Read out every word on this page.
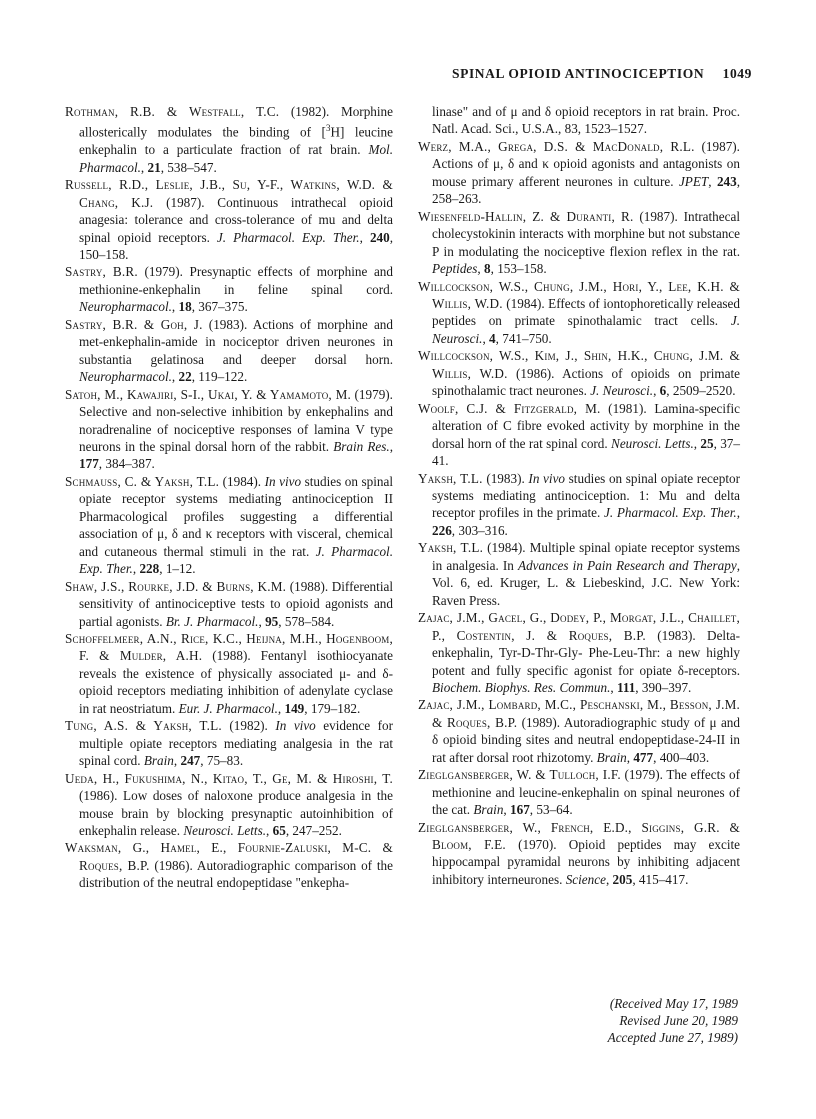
SPINAL OPIOID ANTINOCICEPTION 1049
Rothman, R.B. & Westfall, T.C. (1982). Morphine allosterically modulates the binding of [$^3$H] leucine enkephalin to a particulate fraction of rat brain. Mol. Pharmacol., 21, 538–547.
Russell, R.D., Leslie, J.B., Su, Y-F., Watkins, W.D. & Chang, K.J. (1987). Continuous intrathecal opioid anagesia: tolerance and cross-tolerance of mu and delta spinal opioid receptors. J. Pharmacol. Exp. Ther., 240, 150–158.
Sastry, B.R. (1979). Presynaptic effects of morphine and methionine-enkephalin in feline spinal cord. Neuropharmacol., 18, 367–375.
Sastry, B.R. & Goh, J. (1983). Actions of morphine and met-enkephalin-amide in nociceptor driven neurones in substantia gelatinosa and deeper dorsal horn. Neuropharmacol., 22, 119–122.
Satoh, M., Kawajiri, S-I., Ukai, Y. & Yamamoto, M. (1979). Selective and non-selective inhibition by enkephalins and noradrenaline of nociceptive responses of lamina V type neurons in the spinal dorsal horn of the rabbit. Brain Res., 177, 384–387.
Schmauss, C. & Yaksh, T.L. (1984). In vivo studies on spinal opiate receptor systems mediating antinociception II Pharmacological profiles suggesting a differential association of μ, δ and κ receptors with visceral, chemical and cutaneous thermal stimuli in the rat. J. Pharmacol. Exp. Ther., 228, 1–12.
Shaw, J.S., Rourke, J.D. & Burns, K.M. (1988). Differential sensitivity of antinociceptive tests to opioid agonists and partial agonists. Br. J. Pharmacol., 95, 578–584.
Schoffelmeer, A.N., Rice, K.C., Heijna, M.H., Hogenboom, F. & Mulder, A.H. (1988). Fentanyl isothiocyanate reveals the existence of physically associated μ- and δ-opioid receptors mediating inhibition of adenylate cyclase in rat neostriatum. Eur. J. Pharmacol., 149, 179–182.
Tung, A.S. & Yaksh, T.L. (1982). In vivo evidence for multiple opiate receptors mediating analgesia in the rat spinal cord. Brain, 247, 75–83.
Ueda, H., Fukushima, N., Kitao, T., Ge, M. & Hiroshi, T. (1986). Low doses of naloxone produce analgesia in the mouse brain by blocking presynaptic autoinhibition of enkephalin release. Neurosci. Letts., 65, 247–252.
Waksman, G., Hamel, E., Fournie-Zaluski, M-C. & Roques, B.P. (1986). Autoradiographic comparison of the distribution of the neutral endopeptidase "enkepha-
linase" and of μ and δ opioid receptors in rat brain. Proc. Natl. Acad. Sci., U.S.A., 83, 1523–1527.
Werz, M.A., Grega, D.S. & MacDonald, R.L. (1987). Actions of μ, δ and κ opioid agonists and antagonists on mouse primary afferent neurones in culture. JPET, 243, 258–263.
Wiesenfeld-Hallin, Z. & Duranti, R. (1987). Intrathecal cholecystokinin interacts with morphine but not substance P in modulating the nociceptive flexion reflex in the rat. Peptides, 8, 153–158.
Willcockson, W.S., Chung, J.M., Hori, Y., Lee, K.H. & Willis, W.D. (1984). Effects of iontophoretically released peptides on primate spinothalamic tract cells. J. Neurosci., 4, 741–750.
Willcockson, W.S., Kim, J., Shin, H.K., Chung, J.M. & Willis, W.D. (1986). Actions of opioids on primate spinothalamic tract neurones. J. Neurosci., 6, 2509–2520.
Woolf, C.J. & Fitzgerald, M. (1981). Lamina-specific alteration of C fibre evoked activity by morphine in the dorsal horn of the rat spinal cord. Neurosci. Letts., 25, 37–41.
Yaksh, T.L. (1983). In vivo studies on spinal opiate receptor systems mediating antinociception. 1: Mu and delta receptor profiles in the primate. J. Pharmacol. Exp. Ther., 226, 303–316.
Yaksh, T.L. (1984). Multiple spinal opiate receptor systems in analgesia. In Advances in Pain Research and Therapy, Vol. 6, ed. Kruger, L. & Liebeskind, J.C. New York: Raven Press.
Zajac, J.M., Gacel, G., Dodey, P., Morgat, J.L., Chaillet, P., Costentin, J. & Roques, B.P. (1983). Delta-enkephalin, Tyr-D-Thr-Gly- Phe-Leu-Thr: a new highly potent and fully specific agonist for opiate δ-receptors. Biochem. Biophys. Res. Commun., 111, 390–397.
Zajac, J.M., Lombard, M.C., Peschanski, M., Besson, J.M. & Roques, B.P. (1989). Autoradiographic study of μ and δ opioid binding sites and neutral endopeptidase-24-II in rat after dorsal root rhizotomy. Brain, 477, 400–403.
Zieglgansberger, W. & Tulloch, I.F. (1979). The effects of methionine and leucine-enkephalin on spinal neurones of the cat. Brain, 167, 53–64.
Zieglgansberger, W., French, E.D., Siggins, G.R. & Bloom, F.E. (1970). Opioid peptides may excite hippocampal pyramidal neurons by inhibiting adjacent inhibitory interneurones. Science, 205, 415–417.
(Received May 17, 1989
Revised June 20, 1989
Accepted June 27, 1989)
